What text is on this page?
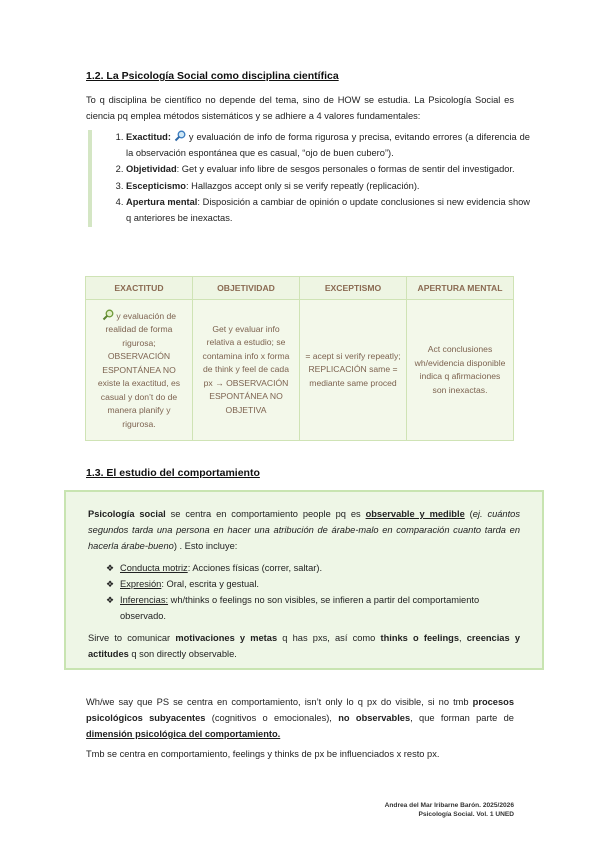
1.2. La Psicología Social como disciplina científica
To q disciplina be científico no depende del tema, sino de HOW se estudia. La Psicología Social es ciencia pq emplea métodos sistemáticos y se adhiere a 4 valores fundamentales:
1. Exactitud:  y evaluación de info de forma rigurosa y precisa, evitando errores (a diferencia de la observación espontánea que es casual, “ojo de buen cubero”).
2. Objetividad: Get y evaluar info libre de sesgos personales o formas de sentir del investigador.
3. Escepticismo: Hallazgos accept only si se verify repeatly (replicación).
4. Apertura mental: Disposición a cambiar de opinión o update conclusiones si new evidencia show q anteriores be inexactas.
EXACTITUD	OBJETIVIDAD	EXCEPTISMO	APERTURA MENTAL
y evaluación de realidad de forma rigurosa; OBSERVACIÓN ESPONTÁNEA NO existe la exactitud, es casual y don’t do de manera planify y rigurosa.	Get y evaluar info relativa a estudio; se contamina info x forma de think y feel de cada px → OBSERVACIÓN ESPONTÁNEA NO OBJETIVA	= acept si verify repeatly; REPLICACIÓN same = mediante same proced	Act conclusiones wh/evidencia disponible indica q afirmaciones son inexactas.
1.3. El estudio del comportamiento
Psicología social se centra en comportamiento people pq es observable y medible (ej. cuántos segundos tarda una persona en hacer una atribución de árabe-malo en comparación cuanto tarda en hacerla árabe-bueno) . Esto incluye:
❖ Conducta motriz: Acciones físicas (correr, saltar).
❖ Expresión: Oral, escrita y gestual.
❖ Inferencias: wh/thinks o feelings no son visibles, se infieren a partir del comportamiento observado.
Sirve to comunicar motivaciones y metas q has pxs, así como thinks o feelings, creencias y actitudes q son directly observable.
Wh/we say que PS se centra en comportamiento, isn’t only lo q px do visible, si no tmb procesos psicológicos subyacentes (cognitivos o emocionales), no observables, que forman parte de dimensión psicológica del comportamiento.
Tmb se centra en comportamiento, feelings y thinks de px be influenciados x resto px.
Andrea del Mar Iribarne Barón. 2025/2026
Psicología Social. Vol. 1 UNED
